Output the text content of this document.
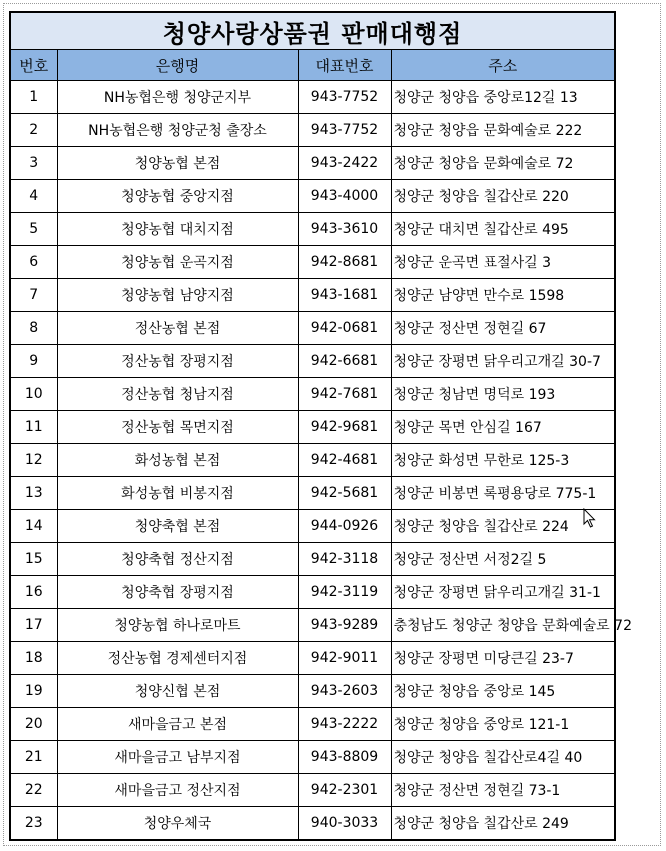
청양사랑상품권 판매대행점
번호	은행명	대표번호	주소
1	NH농협은행 청양군지부	943-7752	청양군 청양읍 중앙로12길 13
2	NH농협은행 청양군청 출장소	943-7752	청양군 청양읍 문화예술로 222
3	청양농협 본점	943-2422	청양군 청양읍 문화예술로 72
4	청양농협 중앙지점	943-4000	청양군 청양읍 칠갑산로 220
5	청양농협 대치지점	943-3610	청양군 대치면 칠갑산로 495
6	청양농협 운곡지점	942-8681	청양군 운곡면 표절사길 3
7	청양농협 남양지점	943-1681	청양군 남양면 만수로 1598
8	정산농협 본점	942-0681	청양군 정산면 정현길 67
9	정산농협 장평지점	942-6681	청양군 장평면 닭우리고개길 30-7
10	정산농협 청남지점	942-7681	청양군 청남면 명덕로 193
11	정산농협 목면지점	942-9681	청양군 목면 안심길 167
12	화성농협 본점	942-4681	청양군 화성면 무한로 125-3
13	화성농협 비봉지점	942-5681	청양군 비봉면 록평용당로 775-1
14	청양축협 본점	944-0926	청양군 청양읍 칠갑산로 224
15	청양축협 정산지점	942-3118	청양군 정산면 서정2길 5
16	청양축협 장평지점	942-3119	청양군 장평면 닭우리고개길 31-1
17	청양농협 하나로마트	943-9289	충청남도 청양군 청양읍 문화예술로 72
18	정산농협 경제센터지점	942-9011	청양군 장평면 미당큰길 23-7
19	청양신협 본점	943-2603	청양군 청양읍 중앙로 145
20	새마을금고 본점	943-2222	청양군 청양읍 중앙로 121-1
21	새마을금고 남부지점	943-8809	청양군 청양읍 칠갑산로4길 40
22	새마을금고 정산지점	942-2301	청양군 정산면 정현길 73-1
23	청양우체국	940-3033	청양군 청양읍 칠갑산로 249
